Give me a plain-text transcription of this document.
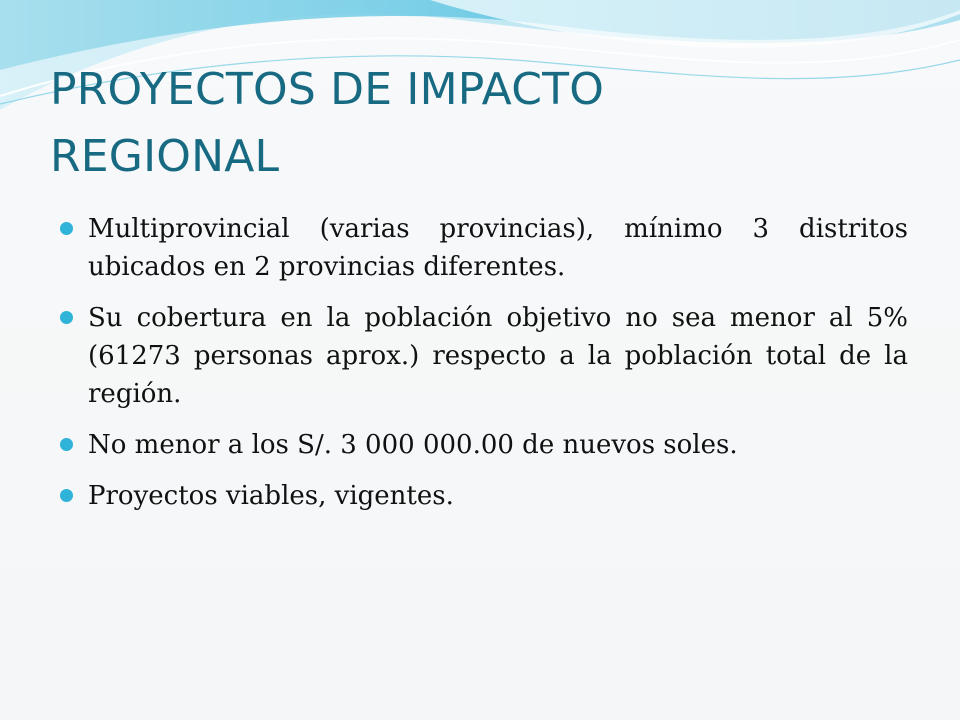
PROYECTOS DE IMPACTO
REGIONAL
Multiprovincial (varias provincias), mínimo 3 distritos ubicados en 2 provincias diferentes.
Su cobertura en la población objetivo no sea menor al 5% (61273 personas aprox.) respecto a la población total de la región.
No menor a los S/. 3 000 000.00 de nuevos soles.
Proyectos viables, vigentes.
